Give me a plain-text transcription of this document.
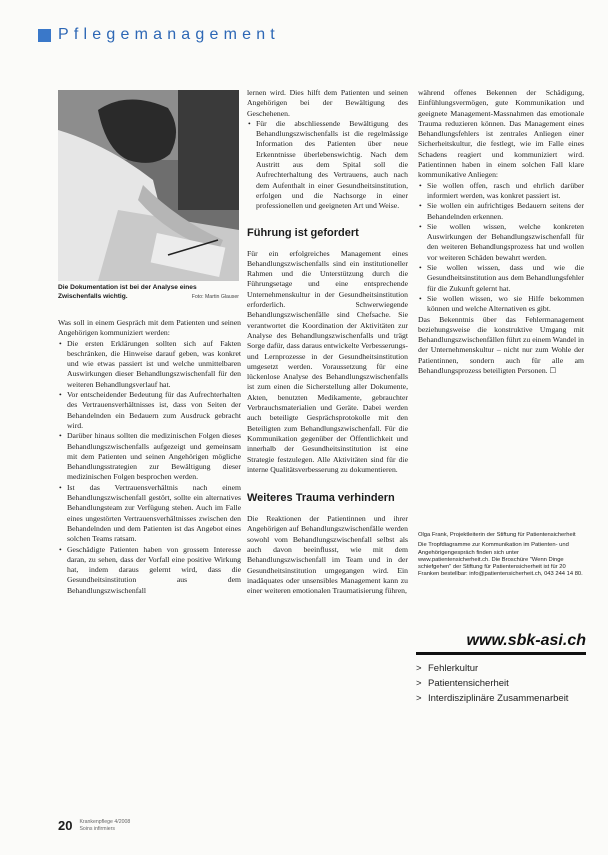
Pflegemanagement
Die Dokumentation ist bei der Analyse eines Zwischenfalls wichtig.	Foto: Martin Glauser

Was soll in einem Gespräch mit dem Patienten und seinen Angehörigen kommuniziert werden:

• Die ersten Erklärungen sollten sich auf Fakten beschränken, die Hinweise darauf geben, was konkret und wie etwas passiert ist und welche unmittelbaren Auswirkungen dieser Behandlungszwischenfall für den weiteren Behandlungsverlauf hat.
• Vor entscheidender Bedeutung für das Aufrechterhalten des Vertrauensverhältnisses ist, dass von Seiten der Behandelnden ein Bedauern zum Ausdruck gebracht wird.
• Darüber hinaus sollten die medizinischen Folgen dieses Behandlungszwischenfalls aufgezeigt und gemeinsam mit dem Patienten und seinen Angehörigen mögliche Behandlungsstrategien zur Bewältigung dieser medizinischen Folgen besprochen werden.
• Ist das Vertrauensverhältnis nach einem Behandlungszwischenfall gestört, sollte ein alternatives Behandlungsteam zur Verfügung stehen. Auch im Falle eines ungestörten Vertrauensverhältnisses zwischen den Behandelnden und dem Patienten ist das Angebot eines solchen Teams ratsam.
• Geschädigte Patienten haben von grossem Interesse daran, zu sehen, dass der Vorfall eine positive Wirkung hat, indem daraus gelernt wird, dass die Gesundheitsinstitution aus dem Behandlungszwischenfall

lernen wird. Dies hilft dem Patienten und seinen Angehörigen bei der Bewältigung des Geschehenen.

• Für die abschliessende Bewältigung des Behandlungszwischenfalls ist die regelmässige Information des Patienten über neue Erkenntnisse überlebenswichtig. Nach dem Austritt aus dem Spital soll die Aufrechterhaltung des Vertrauens, auch nach dem Aufenthalt in einer Gesundheitsinstitution, erfolgen und die Nachsorge in einer professionellen und geeigneten Art und Weise.
Führung ist gefordert

Für ein erfolgreiches Management eines Behandlungszwischenfalls sind ein institutioneller Rahmen und die Unterstützung durch die Führungsetage und eine entsprechende Unternehmenskultur in der Gesundheitsinstitution erforderlich. Schwerwiegende Behandlungszwischenfälle sind Chefsache. Sie verantwortet die Koordination der Aktivitäten zur Analyse des Behandlungszwischenfalls und trägt Sorge dafür, dass daraus entwickelte Verbesserungs- und Lernprozesse in der Gesundheitsinstitution umgesetzt werden. Voraussetzung für eine lückenlose Analyse des Behandlungszwischenfalls ist zum einen die Sicherstellung aller Dokumente, Akten, benutzten Medikamente, gebrauchter Verbrauchsmaterialien und Geräte. Dabei werden auch beteiligte Gesprächsprotokolle mit den Beteiligten zum Behandlungszwischenfall. Für die Kommunikation gegenüber der Öffentlichkeit und innerhalb der Gesundheitsinstitution ist eine Strategie festzulegen. Alle Aktivitäten sind für die interne Qualitätsverbesserung zu dokumentieren.

Weiteres Trauma verhindern

Die Reaktionen der Patientinnen und ihrer Angehörigen auf Behandlungszwischenfälle werden sowohl vom Behandlungszwischenfall selbst als auch davon beeinflusst, wie mit dem Behandlungszwischenfall im Team und in der Gesundheitsinstitution umgegangen wird. Ein inadäquates oder unsensibles Management kann zu einer weiteren emotionalen Traumatisierung führen,

während offenes Bekennen der Schädigung, Einfühlungsvermögen, gute Kommunikation und geeignete Management-Massnahmen das emotionale Trauma reduzieren können. Das Management eines Behandlungsfehlers ist zentrales Anliegen einer Sicherheitskultur, die festlegt, wie im Falle eines Schadens reagiert und kommuniziert wird. Patientinnen haben in einem solchen Fall klare kommunikative Anliegen:

• Sie wollen offen, rasch und ehrlich darüber informiert werden, was konkret passiert ist.
• Sie wollen ein aufrichtiges Bedauern seitens der Behandelnden erkennen.
• Sie wollen wissen, welche konkreten Auswirkungen der Behandlungszwischenfall für den weiteren Behandlungsprozess hat und wollen vor weiteren Schäden bewahrt werden.
• Sie wollen wissen, dass und wie die Gesundheitsinstitution aus dem Behandlungsfehler für die Zukunft gelernt hat.
• Sie wollen wissen, wo sie Hilfe bekommen können und welche Alternativen es gibt.

Das Bekenntnis über das Fehlermanagement beziehungsweise die konstruktive Umgang mit Behandlungszwischenfällen führt zu einem Wandel in der Unternehmenskultur – nicht nur zum Wohle der Patientinnen, sondern auch für alle am Behandlungsprozess beteiligten Personen. ☐

Olga Frank, Projektleiterin der Stiftung für Patientensicherheit

Die Tropfdiagramme zur Kommunikation im Patienten- und Angehörigengespräch finden sich unter www.patientensicherheit.ch. Die Broschüre "Wenn Dinge schiefgehen" der Stiftung für Patientensicherheit ist für 20 Franken bestellbar: info@patientensicherheit.ch, 043 244 14 80.

www.sbk-asi.ch
> Fehlerkultur
> Patientensicherheit
> Interdisziplinäre Zusammenarbeit
20 Krankenpflege 4/2008
Soins infirmiers
